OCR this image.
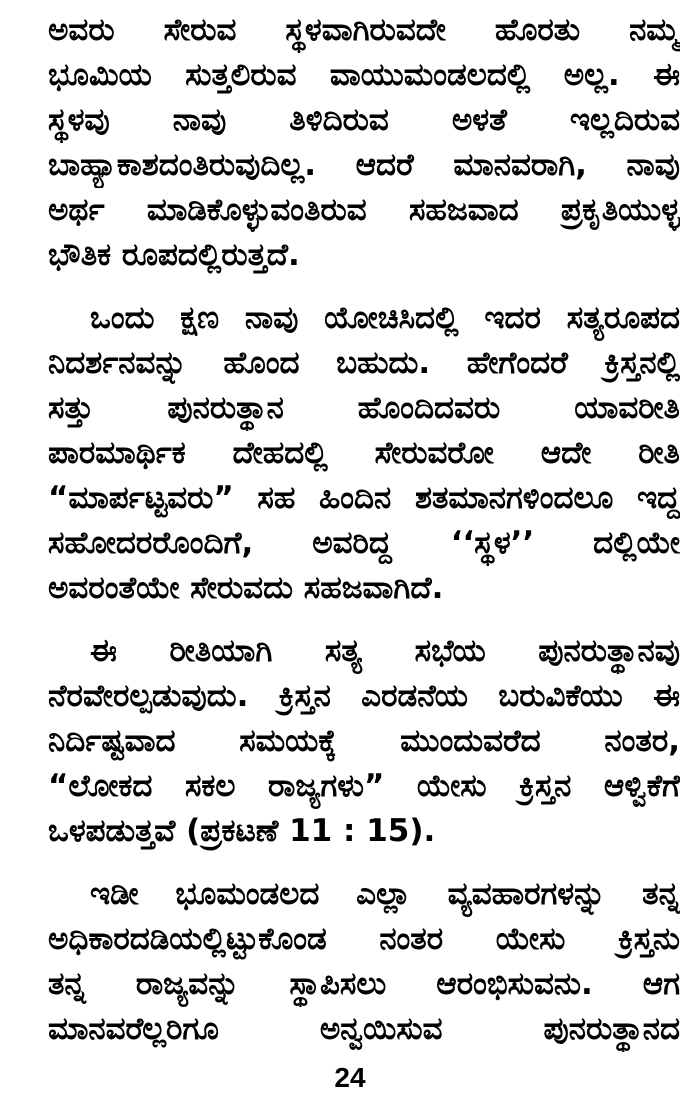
ಅವರು ಸೇರುವ ಸ್ಥಳವಾಗಿರುವದೇ ಹೊರತು ನಮ್ಮ
ಭೂಮಿಯ ಸುತ್ತಲಿರುವ ವಾಯುಮಂಡಲದಲ್ಲಿ ಅಲ್ಲ. ಈ
ಸ್ಥಳವು ನಾವು ತಿಳಿದಿರುವ ಅಳತೆ ಇಲ್ಲದಿರುವ
ಬಾಹ್ಯಾಕಾಶದಂತಿರುವುದಿಲ್ಲ. ಆದರೆ ಮಾನವರಾಗಿ, ನಾವು
ಅರ್ಥ ಮಾಡಿಕೊಳ್ಳುವಂತಿರುವ ಸಹಜವಾದ ಪ್ರಕೃತಿಯುಳ್ಳ
ಭೌತಿಕ ರೂಪದಲ್ಲಿರುತ್ತದೆ.
ಒಂದು ಕ್ಷಣ ನಾವು ಯೋಚಿಸಿದಲ್ಲಿ ಇದರ ಸತ್ಯರೂಪದ
ನಿದರ್ಶನವನ್ನು ಹೊಂದ ಬಹುದು. ಹೇಗೆಂದರೆ ಕ್ರಿಸ್ತನಲ್ಲಿ
ಸತ್ತು ಪುನರುತ್ಥಾನ ಹೊಂದಿದವರು ಯಾವರೀತಿ
ಪಾರಮಾರ್ಥಿಕ ದೇಹದಲ್ಲಿ ಸೇರುವರೋ ಆದೇ ರೀತಿ
“ಮಾರ್ಪಟ್ಟವರು” ಸಹ ಹಿಂದಿನ ಶತಮಾನಗಳಿಂದಲೂ ಇದ್ದ
ಸಹೋದರರೊಂದಿಗೆ, ಅವರಿದ್ದ ‘‘ಸ್ಥಳ’’ ದಲ್ಲಿಯೇ
ಅವರಂತೆಯೇ ಸೇರುವದು ಸಹಜವಾಗಿದೆ.
ಈ ರೀತಿಯಾಗಿ ಸತ್ಯ ಸಭೆಯ ಪುನರುತ್ಥಾನವು
ನೆರವೇರಲ್ಪಡುವುದು. ಕ್ರಿಸ್ತನ ಎರಡನೆಯ ಬರುವಿಕೆಯು ಈ
ನಿರ್ದಿಷ್ಟವಾದ ಸಮಯಕ್ಕೆ ಮುಂದುವರೆದ ನಂತರ,
“ಲೋಕದ ಸಕಲ ರಾಜ್ಯಗಳು” ಯೇಸು ಕ್ರಿಸ್ತನ ಆಳ್ವಿಕೆಗೆ
ಒಳಪಡುತ್ತವೆ (ಪ್ರಕಟಣೆ 11 : 15).
ಇಡೀ ಭೂಮಂಡಲದ ಎಲ್ಲಾ ವ್ಯವಹಾರಗಳನ್ನು ತನ್ನ
ಅಧಿಕಾರದಡಿಯಲ್ಲಿಟ್ಟುಕೊಂಡ ನಂತರ ಯೇಸು ಕ್ರಿಸ್ತನು
ತನ್ನ ರಾಜ್ಯವನ್ನು ಸ್ಥಾಪಿಸಲು ಆರಂಭಿಸುವನು. ಆಗ
ಮಾನವರೆಲ್ಲರಿಗೂ ಅನ್ವಯಿಸುವ ಪುನರುತ್ಥಾನದ
24
